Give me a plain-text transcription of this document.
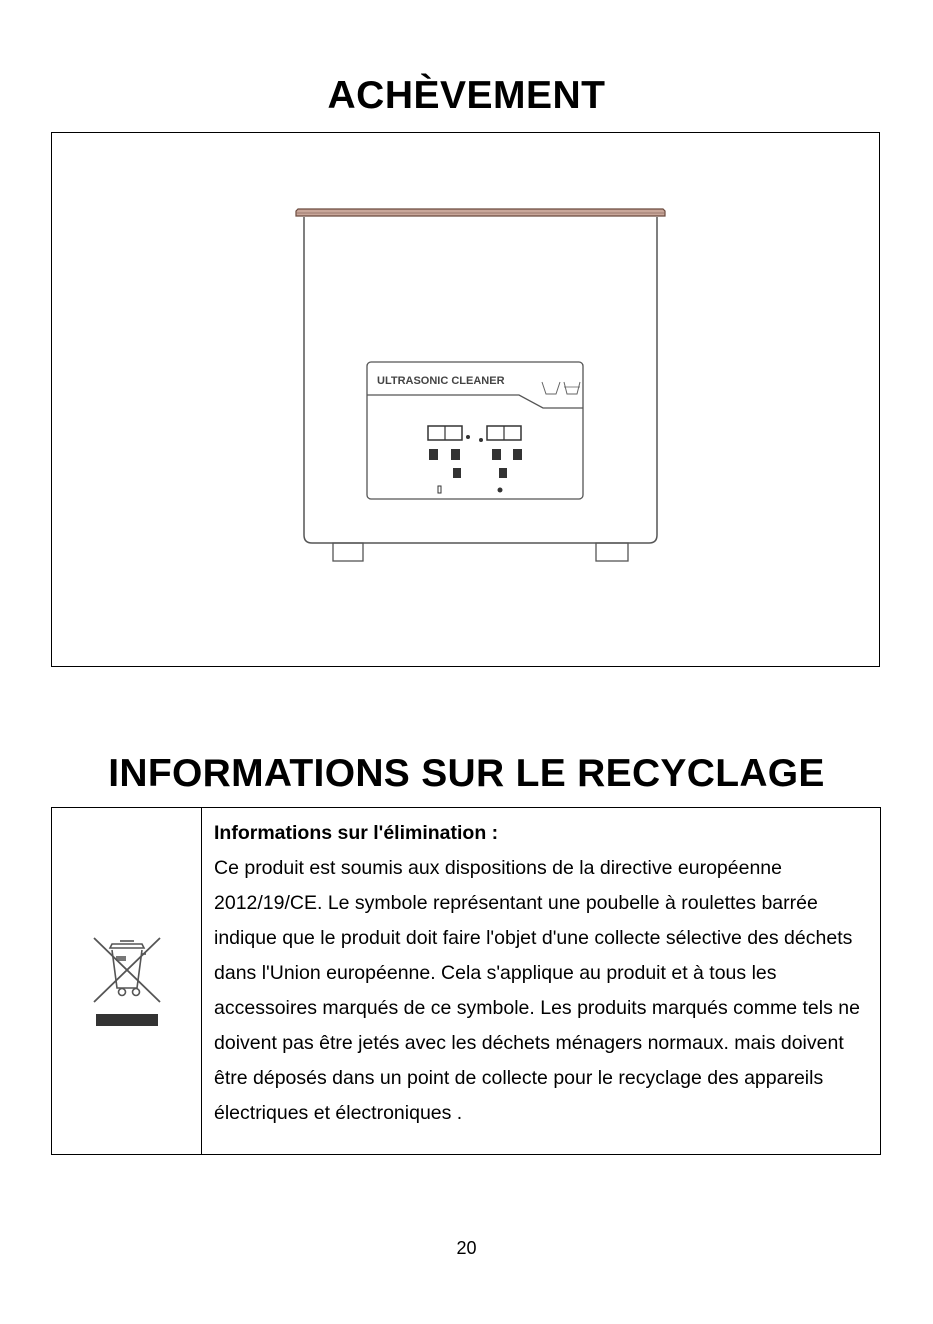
ACHÈVEMENT
ULTRASONIC CLEANER
INFORMATIONS SUR LE RECYCLAGE
Informations sur l'élimination :
Ce produit est soumis aux dispositions de la directive européenne 2012/19/CE. Le symbole représentant une poubelle à roulettes barrée indique que le produit doit faire l'objet d'une collecte sélective des déchets dans l'Union européenne. Cela s'applique au produit et à tous les accessoires marqués de ce symbole. Les produits marqués comme tels ne doivent pas être jetés avec les déchets ménagers normaux. mais doivent être déposés dans un point de collecte pour le recyclage des appareils électriques et électroniques .
20
